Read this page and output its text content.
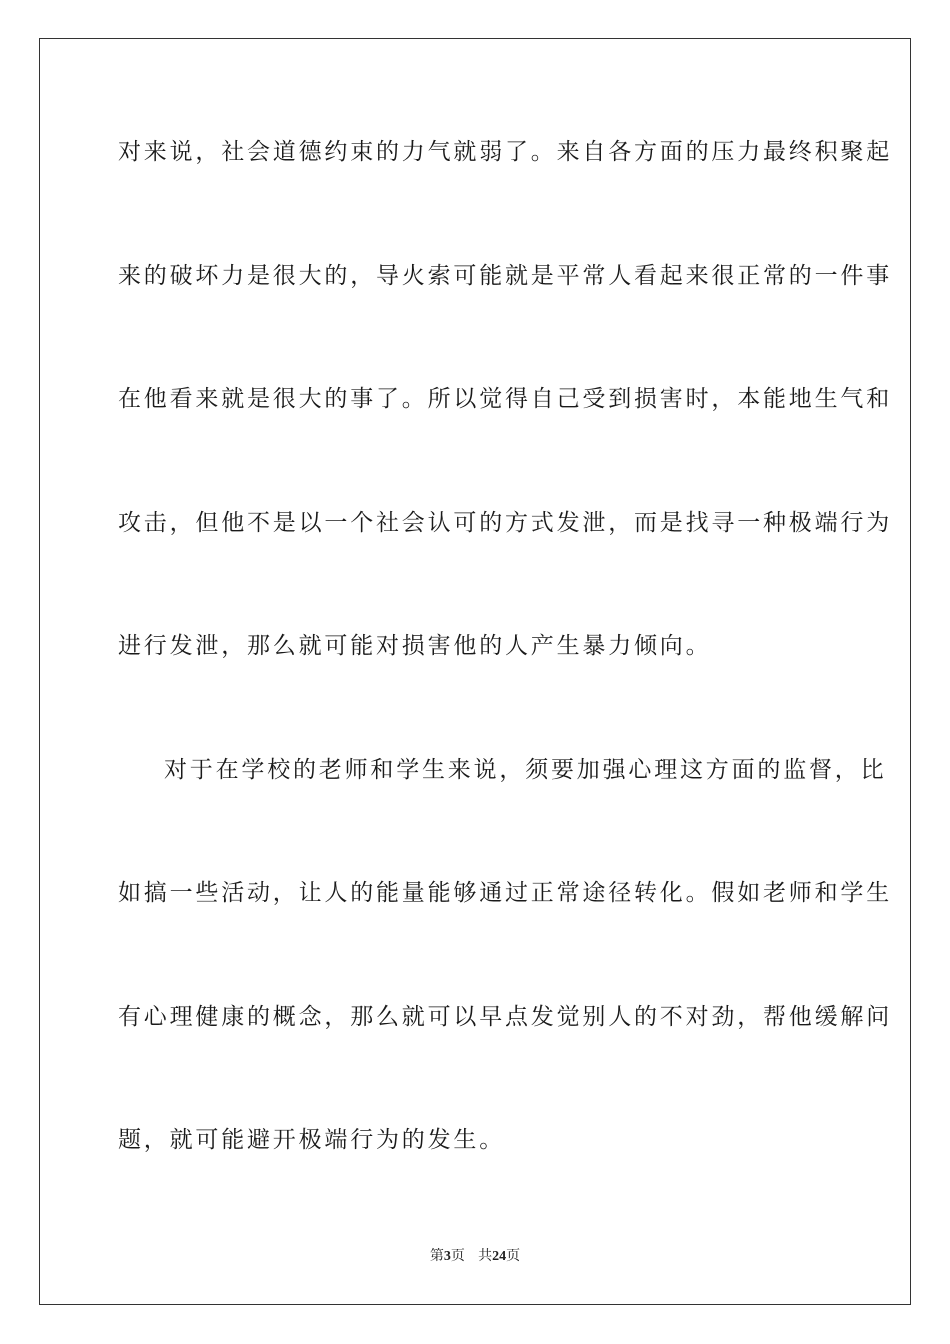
对来说，社会道德约束的力气就弱了。来自各方面的压力最终积聚起
来的破坏力是很大的，导火索可能就是平常人看起来很正常的一件事
在他看来就是很大的事了。所以觉得自己受到损害时，本能地生气和
攻击，但他不是以一个社会认可的方式发泄，而是找寻一种极端行为
进行发泄，那么就可能对损害他的人产生暴力倾向。
对于在学校的老师和学生来说，须要加强心理这方面的监督，比
如搞一些活动，让人的能量能够通过正常途径转化。假如老师和学生
有心理健康的概念，那么就可以早点发觉别人的不对劲，帮他缓解问
题，就可能避开极端行为的发生。
第3页 共24页
